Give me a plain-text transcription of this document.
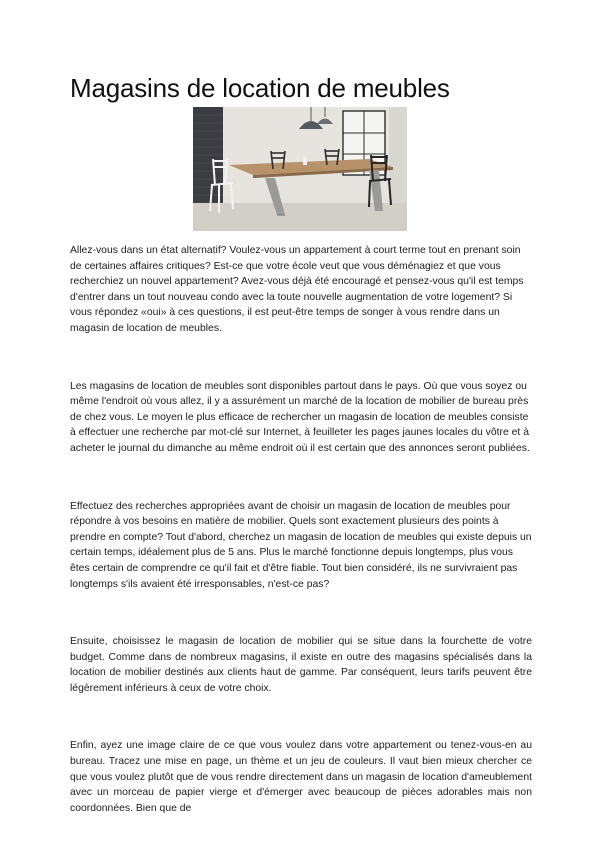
Magasins de location de meubles

Allez-vous dans un état alternatif? Voulez-vous un appartement à court terme tout en prenant soin de certaines affaires critiques? Est-ce que votre école veut que vous déménagiez et que vous recherchiez un nouvel appartement? Avez-vous déjà été encouragé et pensez-vous qu'il est temps d'entrer dans un tout nouveau condo avec la toute nouvelle augmentation de votre logement? Si vous répondez «oui» à ces questions, il est peut-être temps de songer à vous rendre dans un magasin de location de meubles.

Les magasins de location de meubles sont disponibles partout dans le pays. Où que vous soyez ou même l'endroit où vous allez, il y a assurément un marché de la location de mobilier de bureau près de chez vous. Le moyen le plus efficace de rechercher un magasin de location de meubles consiste à effectuer une recherche par mot-clé sur Internet, à feuilleter les pages jaunes locales du vôtre et à acheter le journal du dimanche au même endroit où il est certain que des annonces seront publiées.

Effectuez des recherches appropriées avant de choisir un magasin de location de meubles pour répondre à vos besoins en matière de mobilier. Quels sont exactement plusieurs des points à prendre en compte? Tout d'abord, cherchez un magasin de location de meubles qui existe depuis un certain temps, idéalement plus de 5 ans. Plus le marché fonctionne depuis longtemps, plus vous êtes certain de comprendre ce qu'il fait et d'être fiable. Tout bien considéré, ils ne survivraient pas longtemps s'ils avaient été irresponsables, n'est-ce pas?

Ensuite, choisissez le magasin de location de mobilier qui se situe dans la fourchette de votre budget. Comme dans de nombreux magasins, il existe en outre des magasins spécialisés dans la location de mobilier destinés aux clients haut de gamme. Par conséquent, leurs tarifs peuvent être légèrement inférieurs à ceux de votre choix.

Enfin, ayez une image claire de ce que vous voulez dans votre appartement ou tenez-vous-en au bureau. Tracez une mise en page, un thème et un jeu de couleurs. Il vaut bien mieux chercher ce que vous voulez plutôt que de vous rendre directement dans un magasin de location d'ameublement avec un morceau de papier vierge et d'émerger avec beaucoup de pièces adorables mais non coordonnées. Bien que de
